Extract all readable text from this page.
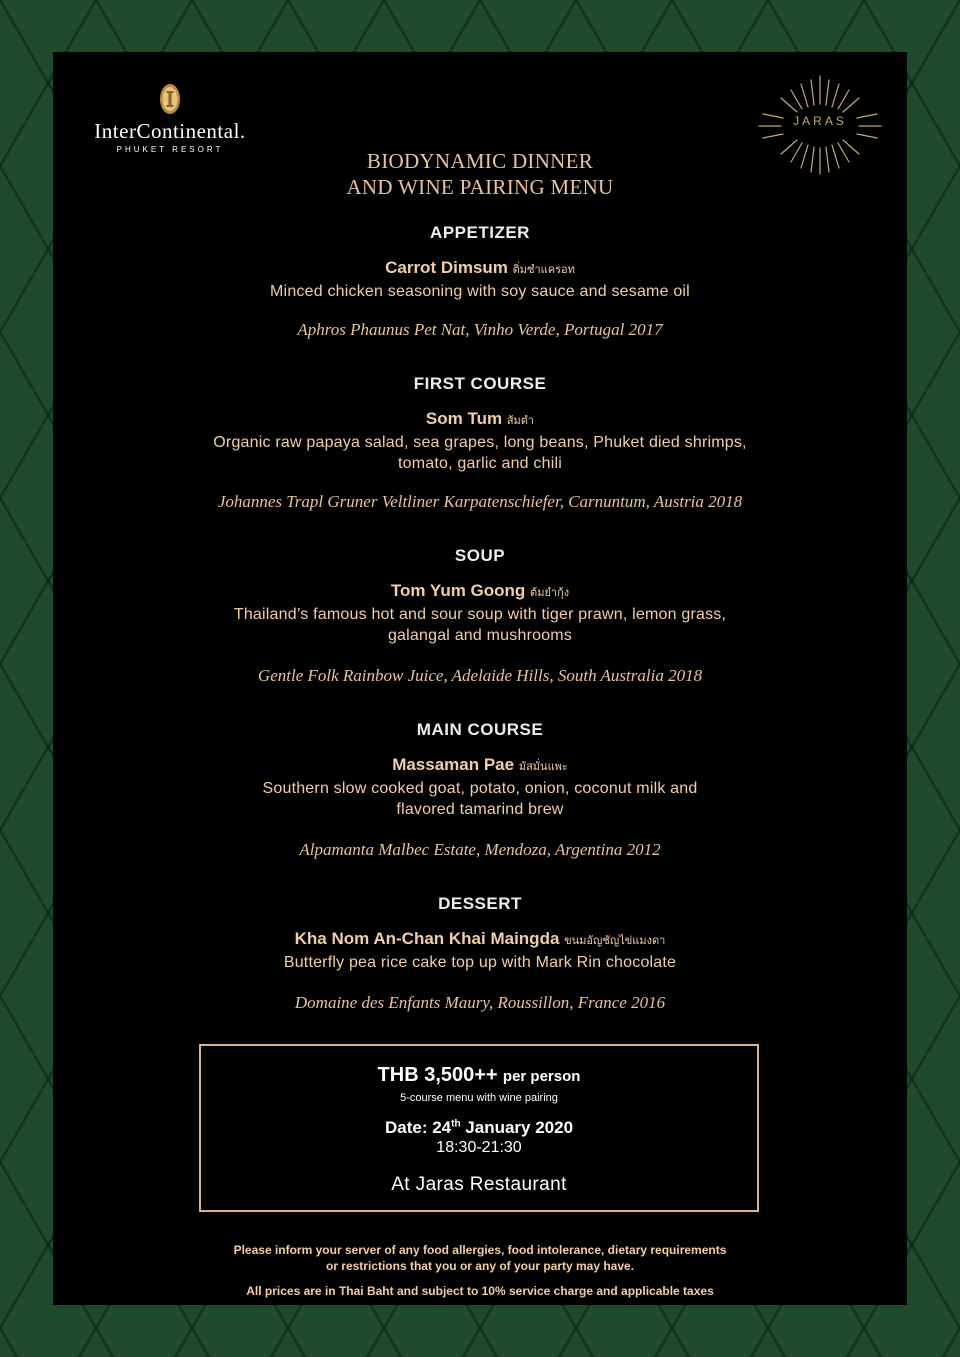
InterContinental.
PHUKET RESORT
JARAS
BIODYNAMIC DINNER
AND WINE PAIRING MENU
APPETIZER
Carrot Dimsum ติ่มซำแครอท
Minced chicken seasoning with soy sauce and sesame oil
Aphros Phaunus Pet Nat, Vinho Verde, Portugal 2017
FIRST COURSE
Som Tum ส้มตำ
Organic raw papaya salad, sea grapes, long beans, Phuket died shrimps,
tomato, garlic and chili
Johannes Trapl Gruner Veltliner Karpatenschiefer, Carnuntum, Austria 2018
SOUP
Tom Yum Goong ต้มยำกุ้ง
Thailand’s famous hot and sour soup with tiger prawn, lemon grass,
galangal and mushrooms
Gentle Folk Rainbow Juice, Adelaide Hills, South Australia 2018
MAIN COURSE
Massaman Pae มัสมั่นแพะ
Southern slow cooked goat, potato, onion, coconut milk and
flavored tamarind brew
Alpamanta Malbec Estate, Mendoza, Argentina 2012
DESSERT
Kha Nom An-Chan Khai Maingda ขนมอัญชัญไข่แมงดา
Butterfly pea rice cake top up with Mark Rin chocolate
Domaine des Enfants Maury, Roussillon, France 2016
THB 3,500++ per person
5-course menu with wine pairing
Date: 24th January 2020
18:30-21:30
At Jaras Restaurant
Please inform your server of any food allergies, food intolerance, dietary requirements
or restrictions that you or any of your party may have.
All prices are in Thai Baht and subject to 10% service charge and applicable taxes
